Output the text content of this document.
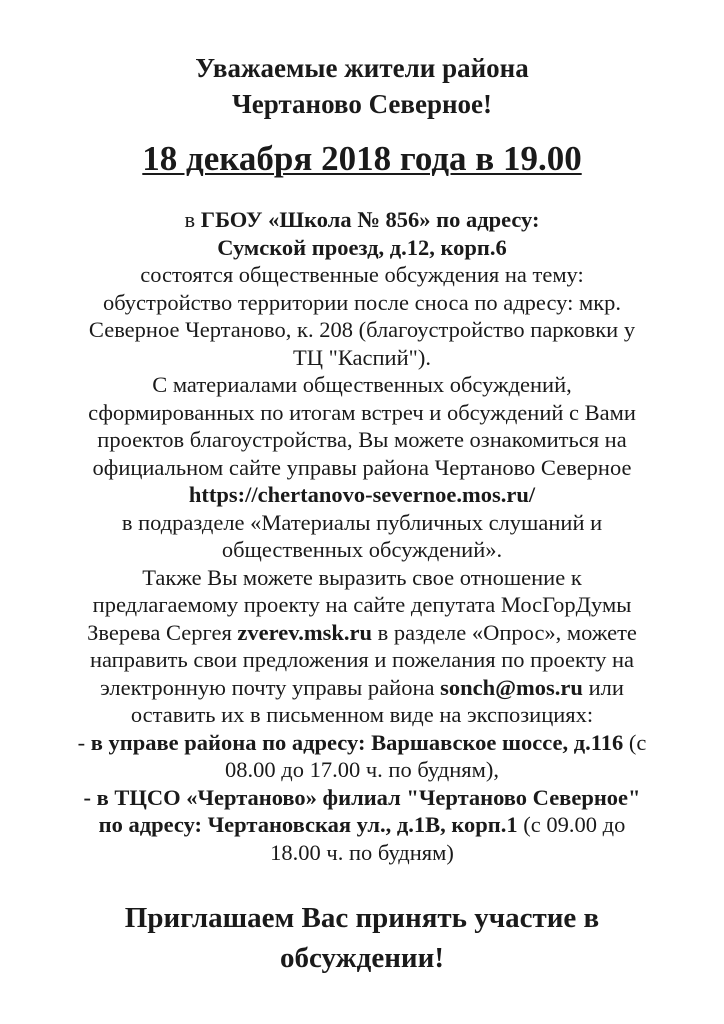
Уважаемые жители района
Чертаново Северное!
18 декабря 2018 года в 19.00
в ГБОУ «Школа № 856» по адресу:
Сумской проезд, д.12, корп.6
состоятся общественные обсуждения на тему:
обустройство территории после сноса по адресу: мкр.
Северное Чертаново, к. 208 (благоустройство парковки у
ТЦ "Каспий").
С материалами общественных обсуждений,
сформированных по итогам встреч и обсуждений с Вами
проектов благоустройства, Вы можете ознакомиться на
официальном сайте управы района Чертаново Северное
https://chertanovo-severnoe.mos.ru/
в подразделе «Материалы публичных слушаний и
общественных обсуждений».
Также Вы можете выразить свое отношение к
предлагаемому проекту на сайте депутата МосГорДумы
Зверева Сергея zverev.msk.ru в разделе «Опрос», можете
направить свои предложения и пожелания по проекту на
электронную почту управы района sonch@mos.ru или
оставить их в письменном виде на экспозициях:
- в управе района по адресу: Варшавское шоссе, д.116 (с
08.00 до 17.00 ч. по будням),
- в ТЦСО «Чертаново» филиал "Чертаново Северное"
по адресу: Чертановская ул., д.1В, корп.1 (с 09.00 до
18.00 ч. по будням)
Приглашаем Вас принять участие в
обсуждении!
